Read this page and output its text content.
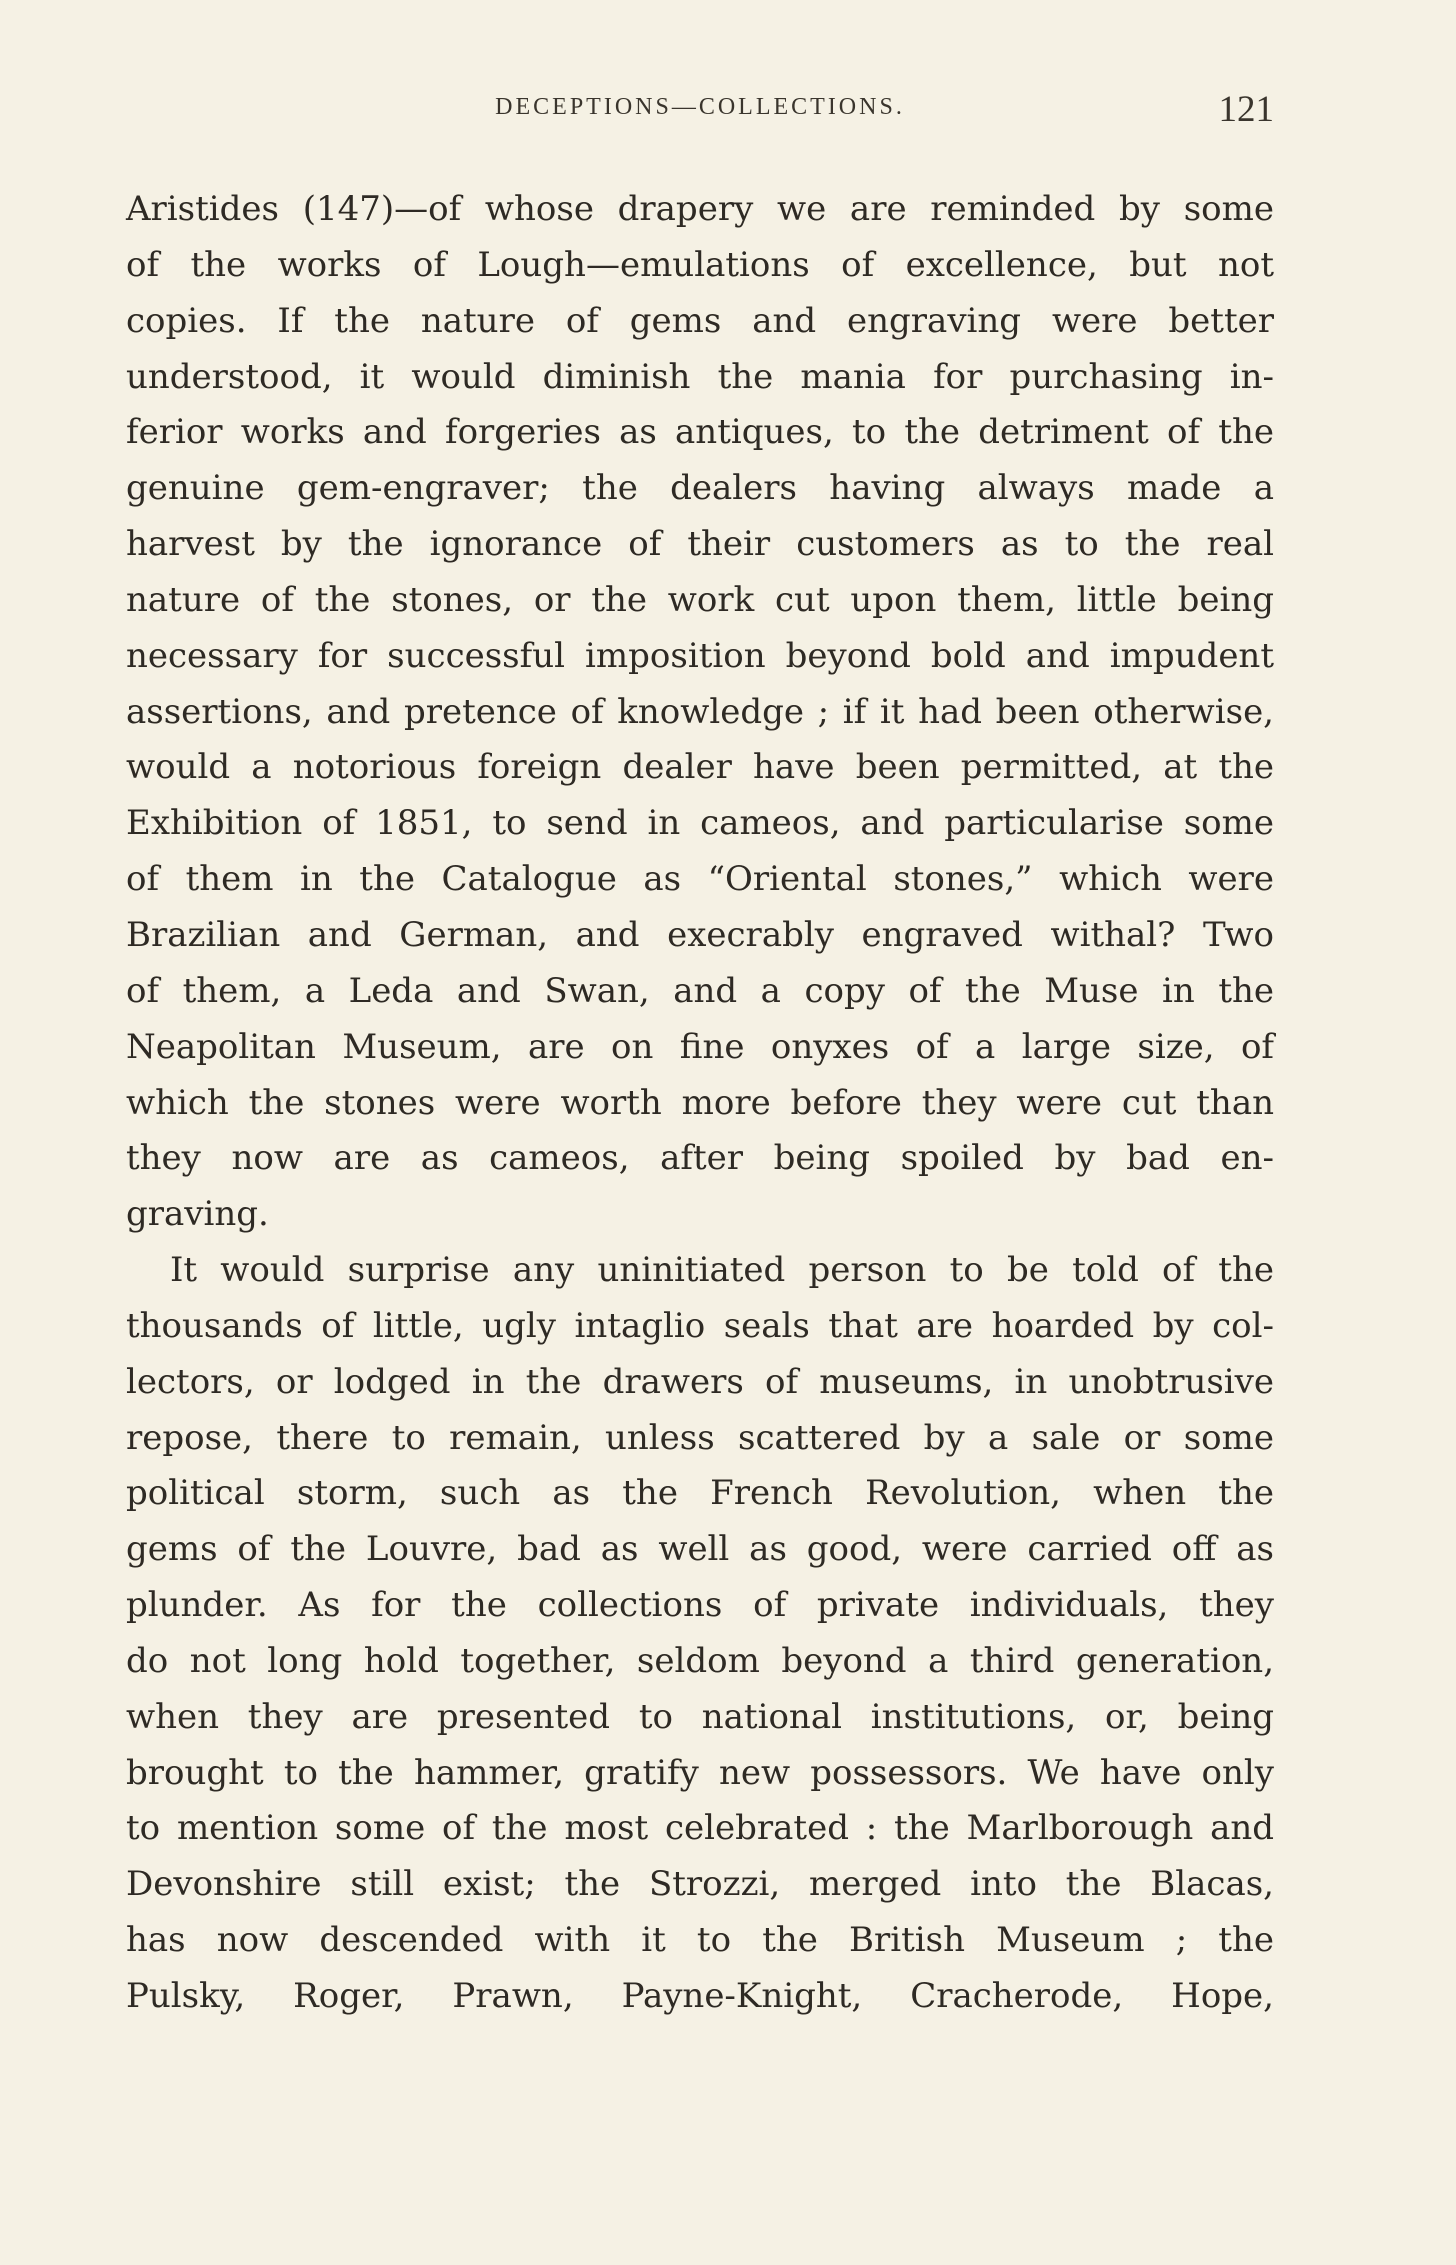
DECEPTIONS—COLLECTIONS.	121
Aristides (147)—of whose drapery we are reminded by some
of the works of Lough—emulations of excellence, but not
copies. If the nature of gems and engraving were better
understood, it would diminish the mania for purchasing in-
ferior works and forgeries as antiques, to the detriment of the
genuine gem-engraver; the dealers having always made a
harvest by the ignorance of their customers as to the real
nature of the stones, or the work cut upon them, little being
necessary for successful imposition beyond bold and impudent
assertions, and pretence of knowledge ; if it had been otherwise,
would a notorious foreign dealer have been permitted, at the
Exhibition of 1851, to send in cameos, and particularise some
of them in the Catalogue as “Oriental stones,” which were
Brazilian and German, and execrably engraved withal? Two
of them, a Leda and Swan, and a copy of the Muse in the
Neapolitan Museum, are on fine onyxes of a large size, of
which the stones were worth more before they were cut than
they now are as cameos, after being spoiled by bad en-
graving.
It would surprise any uninitiated person to be told of the
thousands of little, ugly intaglio seals that are hoarded by col-
lectors, or lodged in the drawers of museums, in unobtrusive
repose, there to remain, unless scattered by a sale or some
political storm, such as the French Revolution, when the
gems of the Louvre, bad as well as good, were carried off as
plunder. As for the collections of private individuals, they
do not long hold together, seldom beyond a third generation,
when they are presented to national institutions, or, being
brought to the hammer, gratify new possessors. We have only
to mention some of the most celebrated : the Marlborough and
Devonshire still exist; the Strozzi, merged into the Blacas,
has now descended with it to the British Museum ; the
Pulsky, Roger, Prawn, Payne-Knight, Cracherode, Hope,
